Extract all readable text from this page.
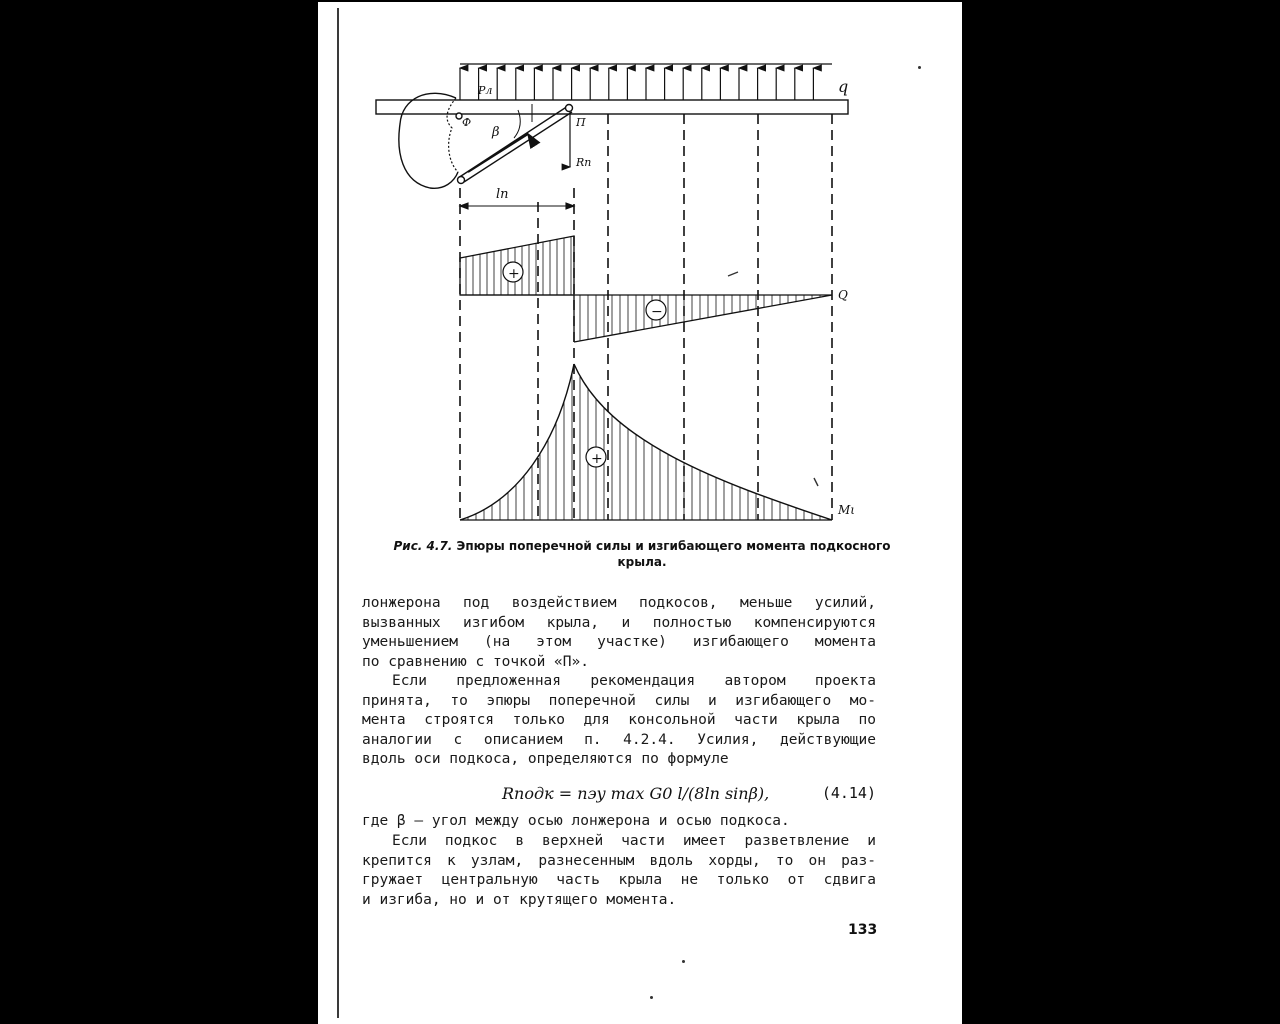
q
Pл
Ф
β
П
Rп
lп
+
−
+
Q
Mι
Рис. 4.7. Эпюры поперечной силы и изгибающего момента подкосного крыла.

лонжерона под воздействием подкосов, меньше усилий,

вызванных изгибом крыла, и полностью компенсируются

уменьшением (на этом участке) изгибающего момента

по сравнению с точкой «П».

Если предложенная рекомендация автором проекта

принята, то эпюры поперечной силы и изгибающего мо-

мента строятся только для консольной части крыла по

аналогии с описанием п. 4.2.4. Усилия, действующие

вдоль оси подкоса, определяются по формуле

Rподк = nэy max G0 l/(8lп sinβ),	(4.14)

где β — угол между осью лонжерона и осью подкоса.

Если подкос в верхней части имеет разветвление и

крепится к узлам, разнесенным вдоль хорды, то он раз-

гружает центральную часть крыла не только от сдвига

и изгиба, но и от крутящего момента.

133
